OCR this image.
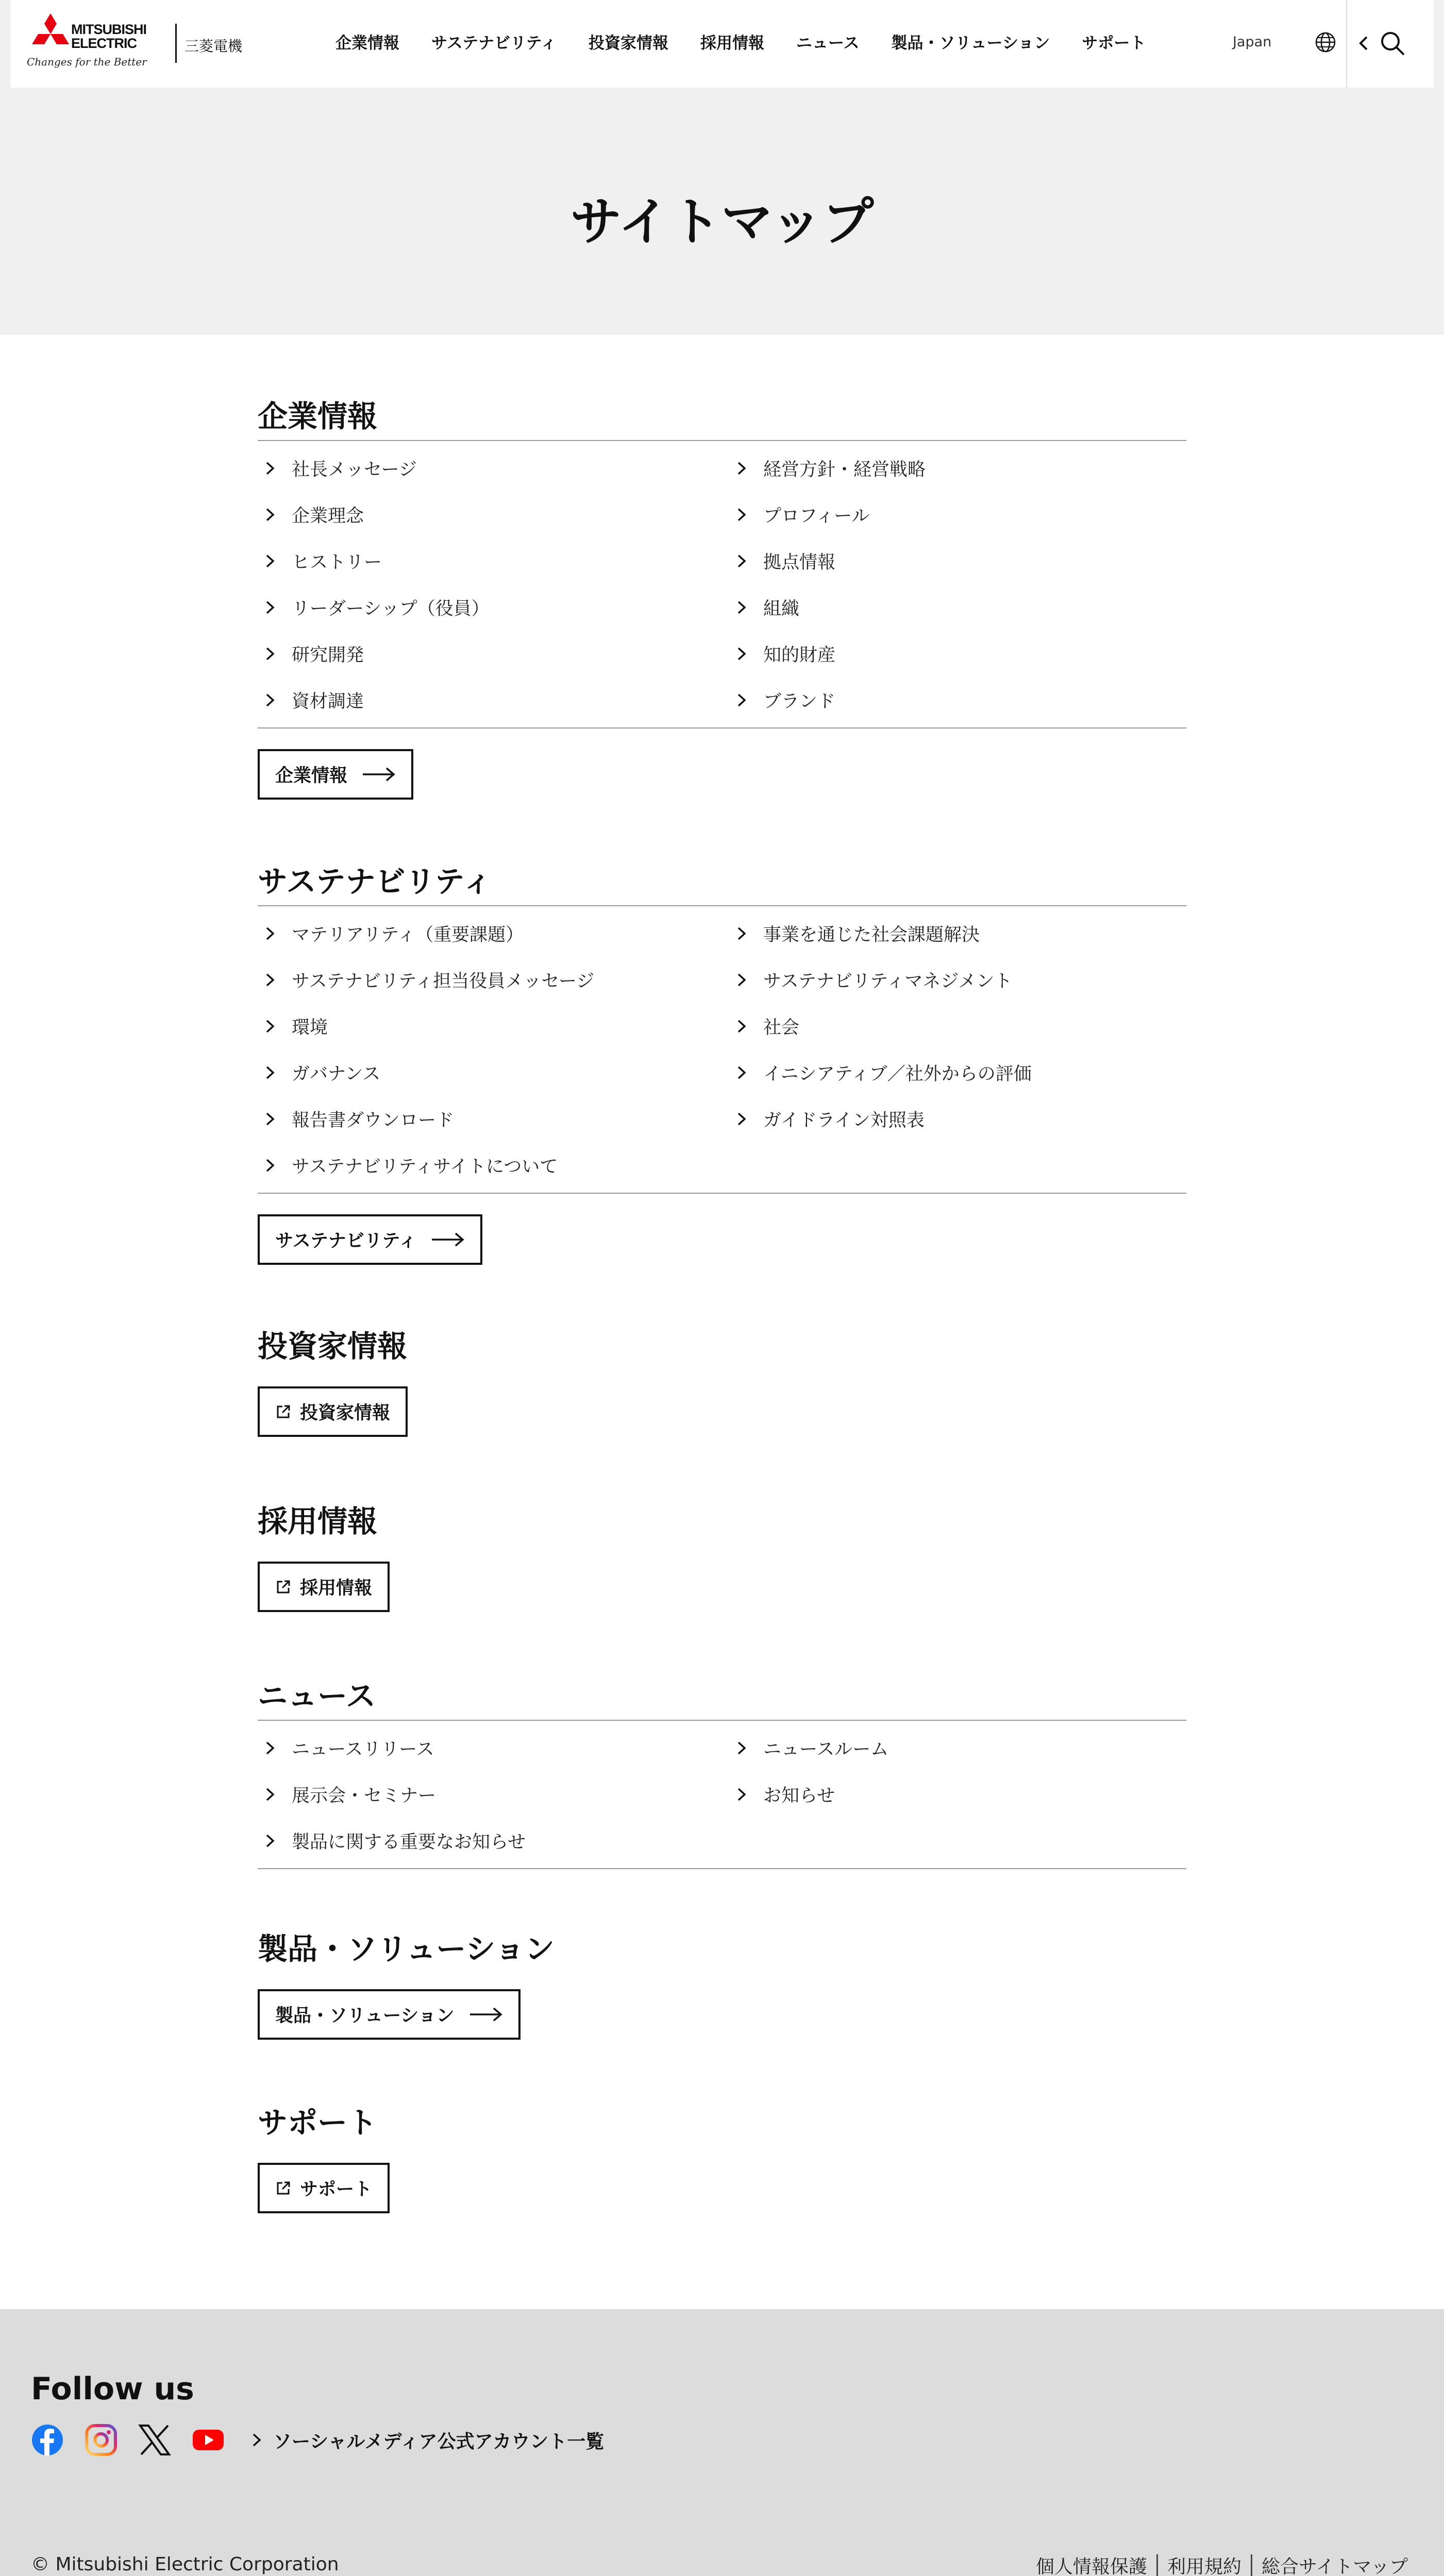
MITSUBISHI
ELECTRIC	三菱電機
Changes for the Better
企業情報	サステナビリティ	投資家情報	採用情報	ニュース	製品・ソリューション	サポート	Japan
サイトマップ
企業情報
社長メッセージ	経営方針・経営戦略
企業理念	プロフィール
ヒストリー	拠点情報
リーダーシップ（役員）	組織
研究開発	知的財産
資材調達	ブランド
企業情報
サステナビリティ
マテリアリティ（重要課題）	事業を通じた社会課題解決
サステナビリティ担当役員メッセージ	サステナビリティマネジメント
環境	社会
ガバナンス	イニシアティブ／社外からの評価
報告書ダウンロード	ガイドライン対照表
サステナビリティサイトについて
サステナビリティ
投資家情報
投資家情報
採用情報
採用情報
ニュース
ニュースリリース	ニュースルーム
展示会・セミナー	お知らせ
製品に関する重要なお知らせ
製品・ソリューション
製品・ソリューション
サポート
サポート
Follow us
ソーシャルメディア公式アカウント一覧
© Mitsubishi Electric Corporation	個人情報保護 利用規約 総合サイトマップ
